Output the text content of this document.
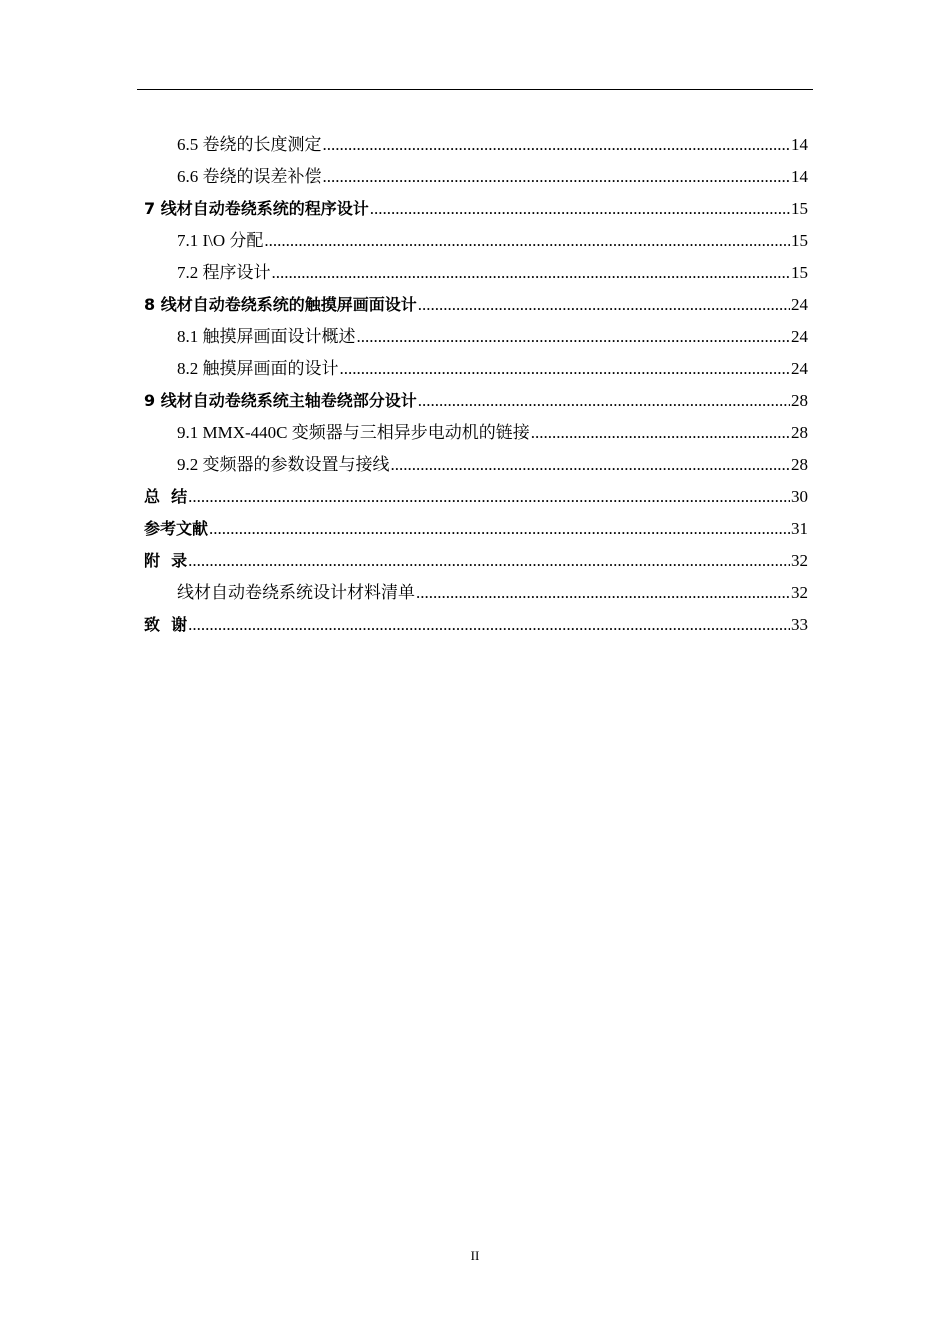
6.5 卷绕的长度测定 .....	14
6.6 卷绕的误差补偿 .....	14
7 线材自动卷绕系统的程序设计 .....	15
7.1 I\O 分配 .....	15
7.2 程序设计 .....	15
8 线材自动卷绕系统的触摸屏画面设计 .....	24
8.1 触摸屏画面设计概述 .....	24
8.2 触摸屏画面的设计 .....	24
9 线材自动卷绕系统主轴卷绕部分设计 .....	28
9.1 MMX-440C 变频器与三相异步电动机的链接 .....	28
9.2 变频器的参数设置与接线 .....	28
总  结 .....	30
参考文献 .....	31
附  录 .....	32
线材自动卷绕系统设计材料清单 .....	32
致  谢 .....	33
II
